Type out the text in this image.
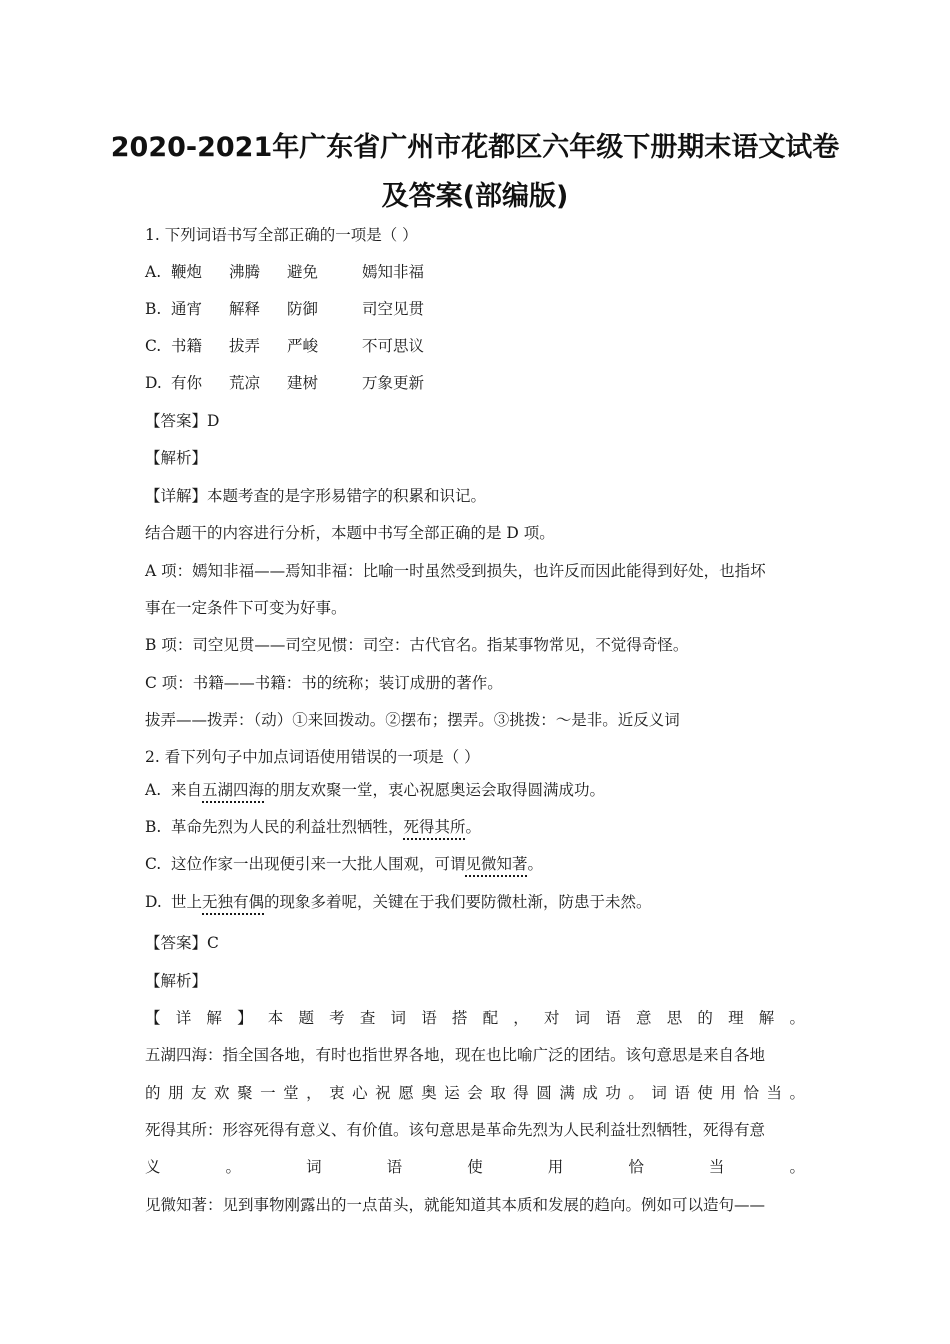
2020-2021年广东省广州市花都区六年级下册期末语文试卷
及答案(部编版)
1. 下列词语书写全部正确的一项是（ ）
A. 鞭炮 沸腾 避免	嫣知非福
B. 通宵 解释 防御	司空见贯
C. 书籍 拔弄 严峻	不可思议
D. 有你 荒凉 建树	万象更新
【答案】D
【解析】
【详解】本题考查的是字形易错字的积累和识记。
结合题干的内容进行分析，本题中书写全部正确的是 D 项。
A 项：嫣知非福——焉知非福：比喻一时虽然受到损失，也许反而因此能得到好处，也指坏
事在一定条件下可变为好事。
B 项：司空见贯——司空见惯：司空：古代官名。指某事物常见，不觉得奇怪。
C 项：书籍——书籍：书的统称；装订成册的著作。
拔弄——拨弄：（动）①来回拨动。②摆布；摆弄。③挑拨：～是非。近反义词
2. 看下列句子中加点词语使用错误的一项是（ ）
A. 来自五湖四海的朋友欢聚一堂，衷心祝愿奥运会取得圆满成功。
B. 革命先烈为人民的利益壮烈牺牲，死得其所。
C. 这位作家一出现便引来一大批人围观，可谓见微知著。
D. 世上无独有偶的现象多着呢，关键在于我们要防微杜渐，防患于未然。
【答案】C
【解析】
【 详 解 】 本 题 考 查 词 语 搭 配 ， 对 词 语 意 思 的 理 解 。
五湖四海：指全国各地，有时也指世界各地，现在也比喻广泛的团结。该句意思是来自各地
的 朋 友 欢 聚 一 堂 ， 衷 心 祝 愿 奥 运 会 取 得 圆 满 成 功 。 词 语 使 用 恰 当 。
死得其所：形容死得有意义、有价值。该句意思是革命先烈为人民利益壮烈牺牲，死得有意
义 。 词 语 使 用 恰 当 。
见微知著：见到事物刚露出的一点苗头，就能知道其本质和发展的趋向。例如可以造句——
